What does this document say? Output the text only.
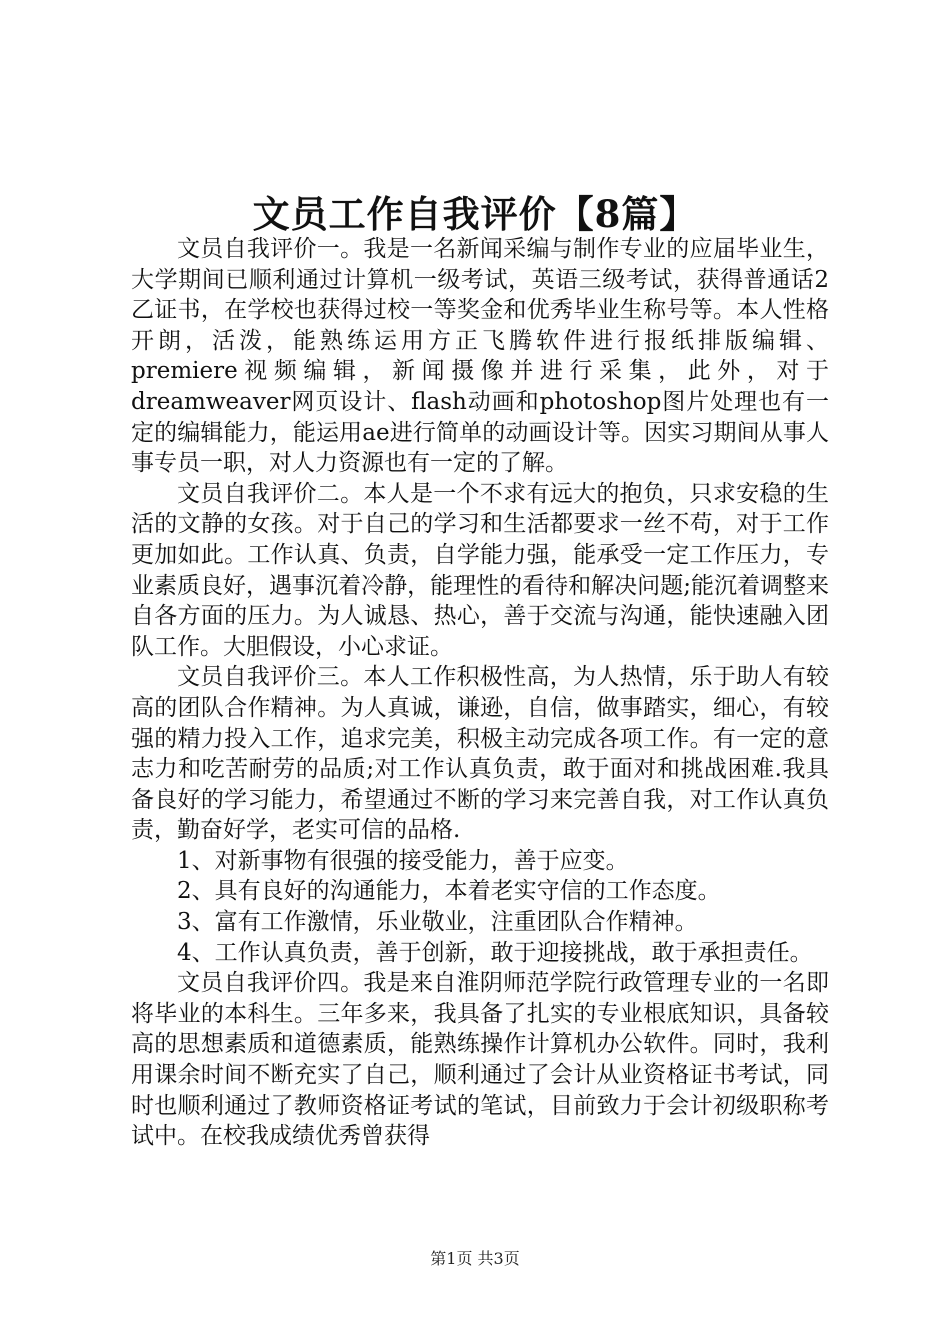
文员工作自我评价【8篇】

文员自我评价一。我是一名新闻采编与制作专业的应届毕业生，大学期间已顺利通过计算机一级考试，英语三级考试，获得普通话2乙证书，在学校也获得过校一等奖金和优秀毕业生称号等。本人性格开朗，活泼，能熟练运用方正飞腾软件进行报纸排版编辑、premiere视频编辑，新闻摄像并进行采集，此外，对于dreamweaver网页设计、flash动画和photoshop图片处理也有一定的编辑能力，能运用ae进行简单的动画设计等。因实习期间从事人事专员一职，对人力资源也有一定的了解。

文员自我评价二。本人是一个不求有远大的抱负，只求安稳的生活的文静的女孩。对于自己的学习和生活都要求一丝不苟，对于工作更加如此。工作认真、负责，自学能力强，能承受一定工作压力，专业素质良好，遇事沉着冷静，能理性的看待和解决问题;能沉着调整来自各方面的压力。为人诚恳、热心，善于交流与沟通，能快速融入团队工作。大胆假设，小心求证。

文员自我评价三。本人工作积极性高，为人热情，乐于助人有较高的团队合作精神。为人真诚，谦逊，自信，做事踏实，细心，有较强的精力投入工作，追求完美，积极主动完成各项工作。有一定的意志力和吃苦耐劳的品质;对工作认真负责，敢于面对和挑战困难.我具备良好的学习能力，希望通过不断的学习来完善自我，对工作认真负责，勤奋好学，老实可信的品格.

1、对新事物有很强的接受能力，善于应变。

2、具有良好的沟通能力，本着老实守信的工作态度。

3、富有工作激情，乐业敬业，注重团队合作精神。

4、工作认真负责，善于创新，敢于迎接挑战，敢于承担责任。

文员自我评价四。我是来自淮阴师范学院行政管理专业的一名即将毕业的本科生。三年多来，我具备了扎实的专业根底知识，具备较高的思想素质和道德素质，能熟练操作计算机办公软件。同时，我利用课余时间不断充实了自己，顺利通过了会计从业资格证书考试，同时也顺利通过了教师资格证考试的笔试，目前致力于会计初级职称考试中。在校我成绩优秀曾获得

第1页 共3页
